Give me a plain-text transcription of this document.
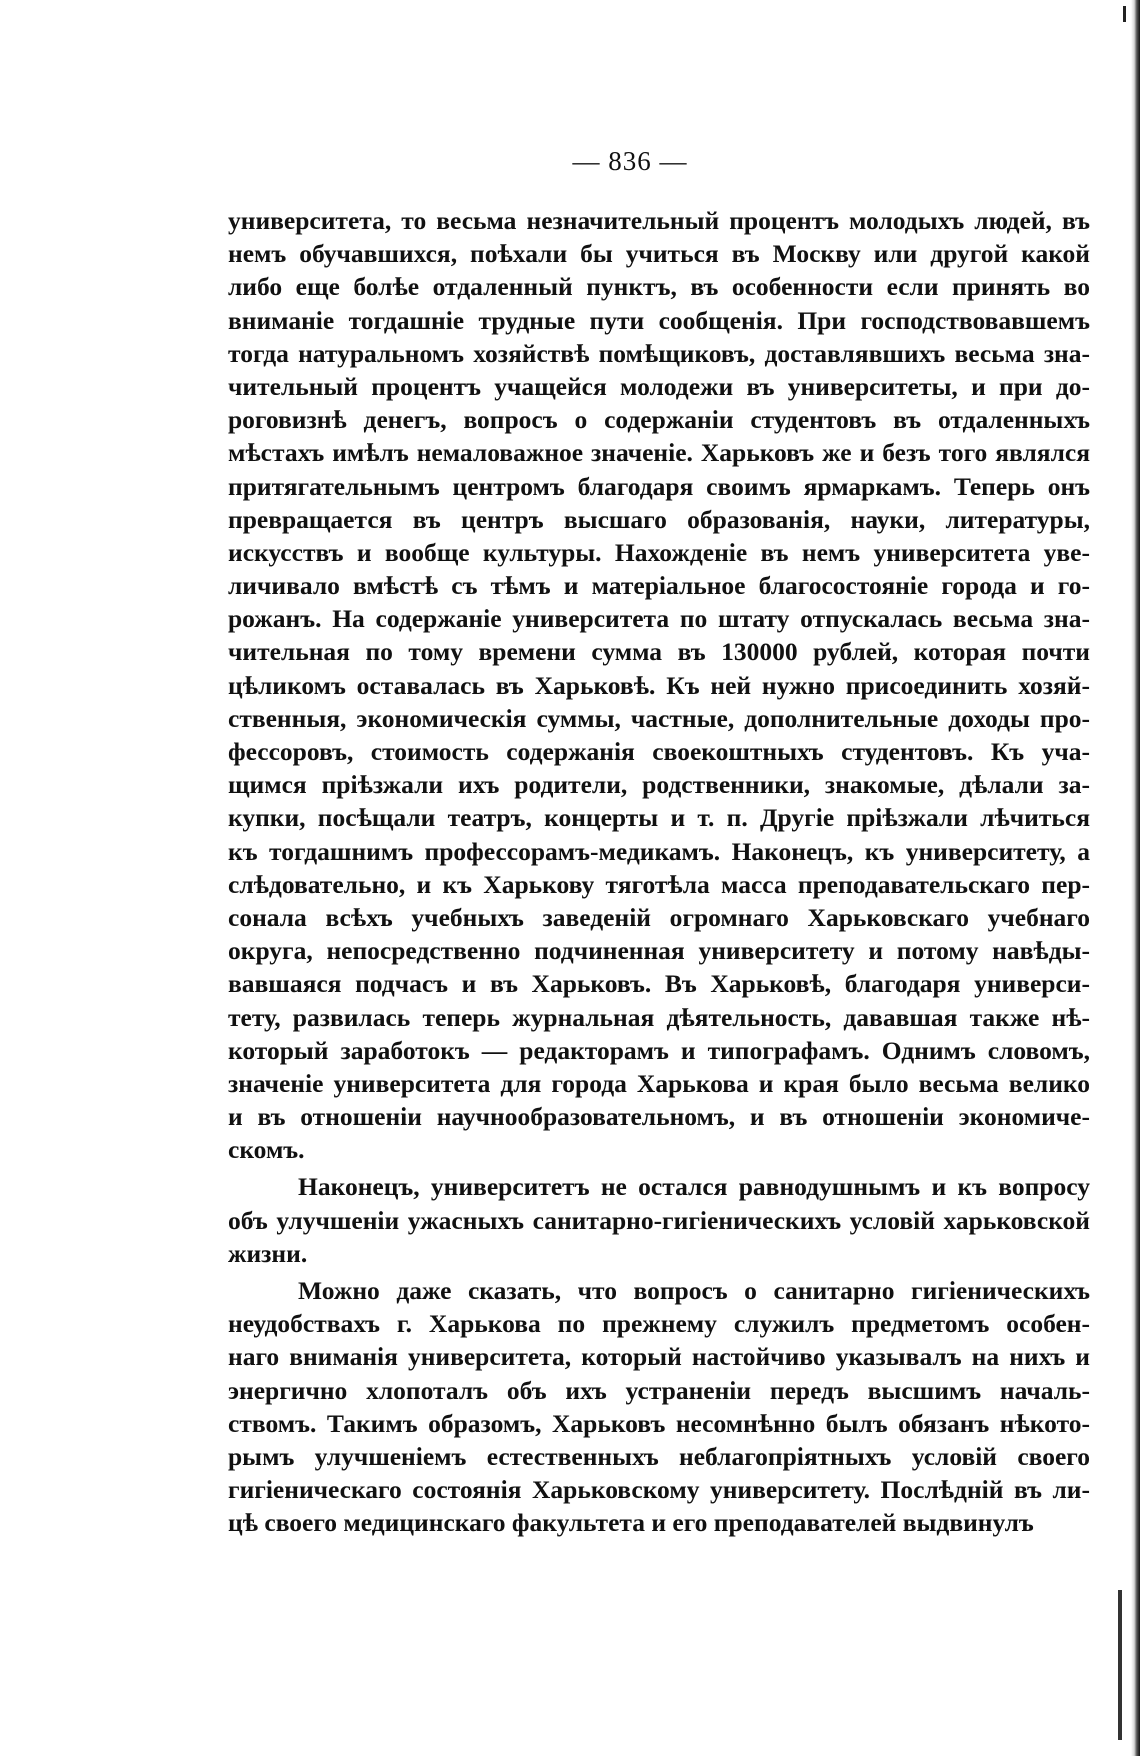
— 836 —
университета, то весьма незначительный процентъ молодыхъ людей, въ
немъ обучавшихся, поѣхали бы учиться въ Москву или другой какой
либо еще болѣе отдаленный пунктъ, въ особенности если принять во
вниманіе тогдашніе трудные пути сообщенія. При господствовавшемъ
тогда натуральномъ хозяйствѣ помѣщиковъ, доставлявшихъ весьма зна-
чительный процентъ учащейся молодежи въ университеты, и при до-
роговизнѣ денегъ, вопросъ о содержаніи студентовъ въ отдаленныхъ
мѣстахъ имѣлъ немаловажное значеніе. Харьковъ же и безъ того являлся
притягательнымъ центромъ благодаря своимъ ярмаркамъ. Теперь онъ
превращается въ центръ высшаго образованія, науки, литературы,
искусствъ и вообще культуры. Нахожденіе въ немъ университета уве-
личивало вмѣстѣ съ тѣмъ и матеріальное благосостояніе города и го-
рожанъ. На содержаніе университета по штату отпускалась весьма зна-
чительная по тому времени сумма въ 130000 рублей, которая почти
цѣликомъ оставалась въ Харьковѣ. Къ ней нужно присоединить хозяй-
ственныя, экономическія суммы, частные, дополнительные доходы про-
фессоровъ, стоимость содержанія своекоштныхъ студентовъ. Къ уча-
щимся пріѣзжали ихъ родители, родственники, знакомые, дѣлали за-
купки, посѣщали театръ, концерты и т. п. Другіе пріѣзжали лѣчиться
къ тогдашнимъ профессорамъ-медикамъ. Наконецъ, къ университету, а
слѣдовательно, и къ Харькову тяготѣла масса преподавательскаго пер-
сонала всѣхъ учебныхъ заведеній огромнаго Харьковскаго учебнаго
округа, непосредственно подчиненная университету и потому навѣды-
вавшаяся подчасъ и въ Харьковъ. Въ Харьковѣ, благодаря универси-
тету, развилась теперь журнальная дѣятельность, дававшая также нѣ-
который заработокъ — редакторамъ и типографамъ. Однимъ словомъ,
значеніе университета для города Харькова и края было весьма велико
и въ отношеніи научнообразовательномъ, и въ отношеніи экономиче-
скомъ.
Наконецъ, университетъ не остался равнодушнымъ и къ вопросу
объ улучшеніи ужасныхъ санитарно-гигіеническихъ условій харьковской
жизни.
Можно даже сказать, что вопросъ о санитарно гигіеническихъ
неудобствахъ г. Харькова по прежнему служилъ предметомъ особен-
наго вниманія университета, который настойчиво указывалъ на нихъ и
энергично хлопоталъ объ ихъ устраненіи передъ высшимъ началь-
ствомъ. Такимъ образомъ, Харьковъ несомнѣнно былъ обязанъ нѣкото-
рымъ улучшеніемъ естественныхъ неблагопріятныхъ условій своего
гигіеническаго состоянія Харьковскому университету. Послѣдній въ ли-
цѣ своего медицинскаго факультета и его преподавателей выдвинулъ
